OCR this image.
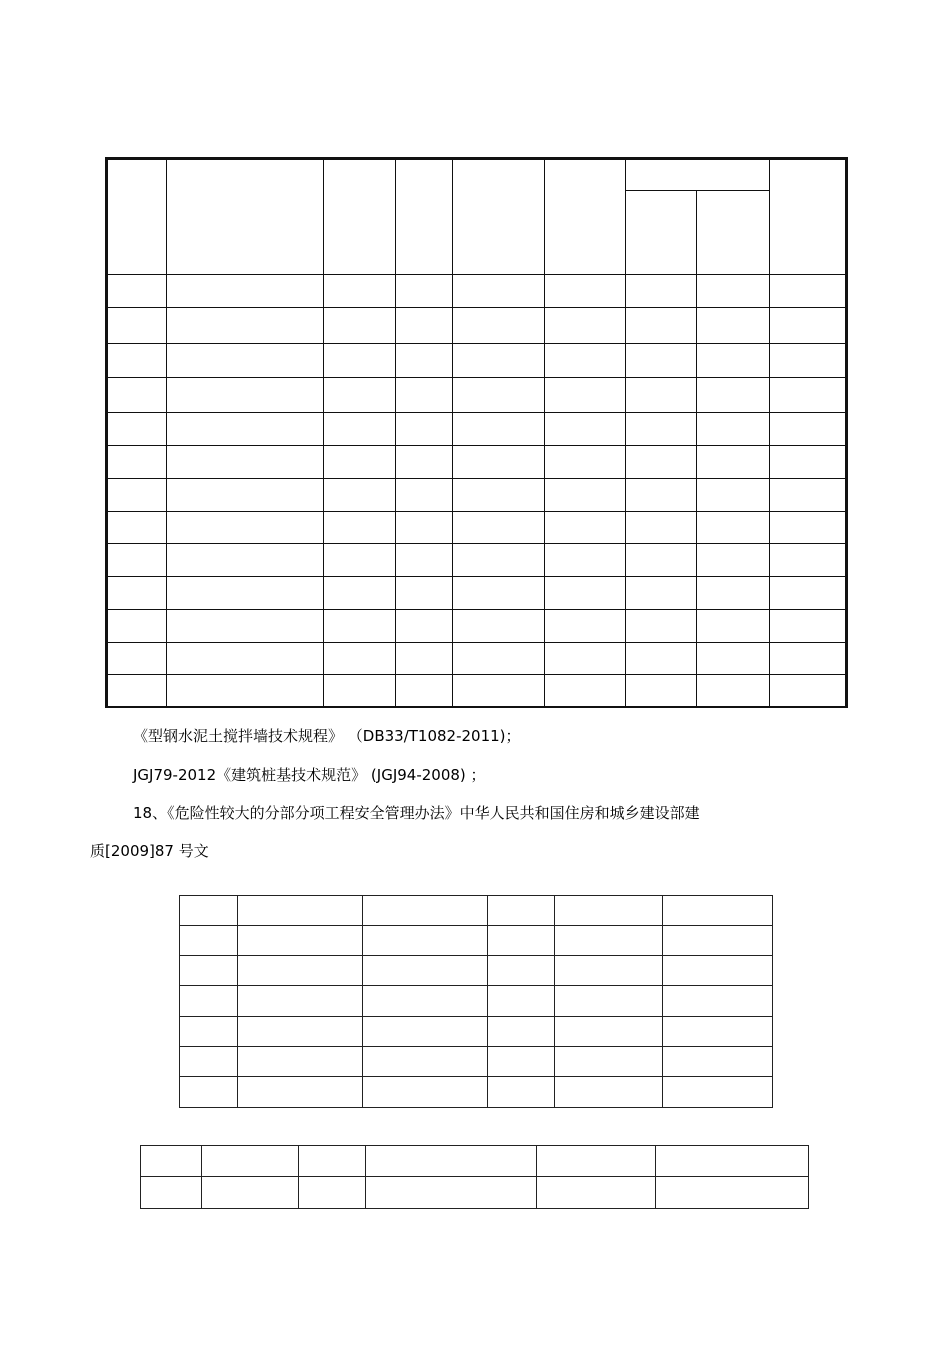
《型钢水泥土搅拌墙技术规程》 （DB33/T1082-2011)；
JGJ79-2012《建筑桩基技术规范》 (JGJ94-2008) ；
18、《危险性较大的分部分项工程安全管理办法》中华人民共和国住房和城乡建设部建
质[2009]87 号文
